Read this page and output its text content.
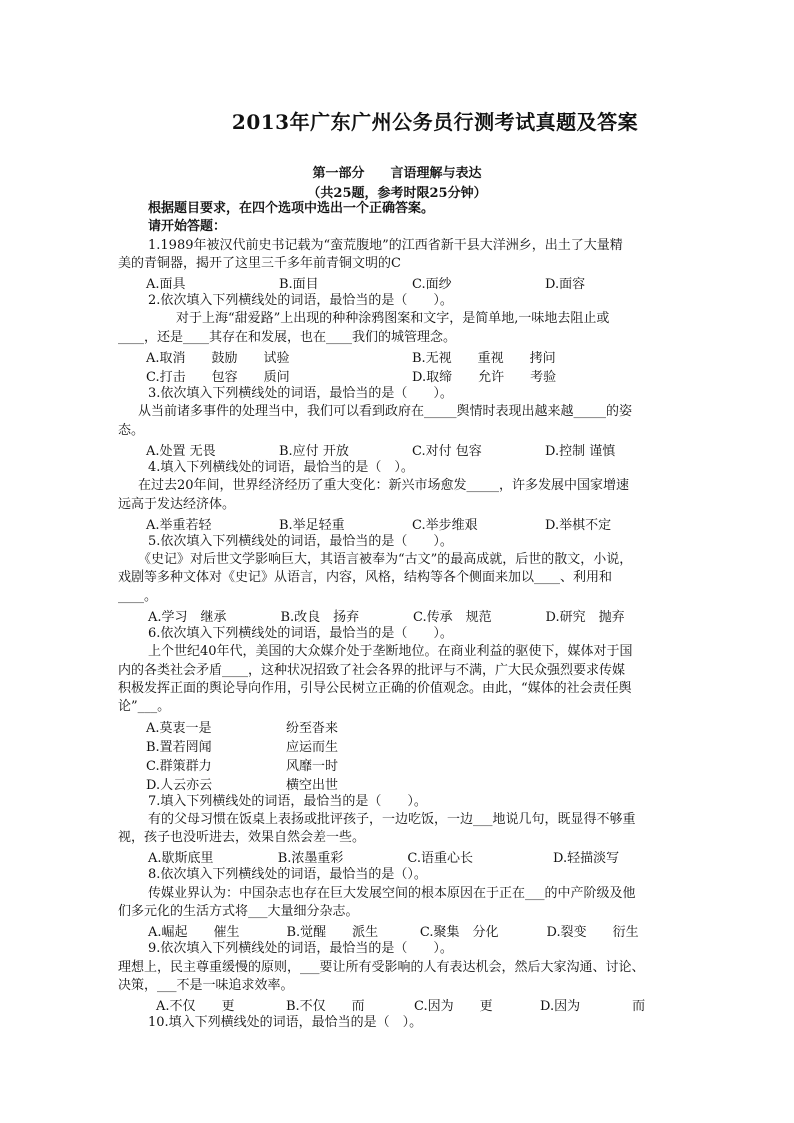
2013年广东广州公务员行测考试真题及答案
第一部分　　言语理解与表达
（共25题，参考时限25分钟）
根据题目要求，在四个选项中选出一个正确答案。
请开始答题：
1.1989年被汉代前史书记载为“蛮荒腹地”的江西省新干县大洋洲乡，出土了大量精
美的青铜器，揭开了这里三千多年前青铜文明的C
A.面具	B.面目	C.面纱	D.面容
2.依次填入下列横线处的词语，最恰当的是（　　）。
对于上海“甜爱路”上出现的种种涂鸦图案和文字，是简单地,一味地去阻止或
____，还是____其存在和发展，也在____我们的城管理念。
A.取消　　鼓励　　试验	B.无视　　重视　　拷问
C.打击　　包容　　质问	D.取缔　　允许　　考验
3.依次填入下列横线处的词语，最恰当的是（　　）。
从当前诸多事件的处理当中，我们可以看到政府在_____舆情时表现出越来越_____的姿
态。
A.处置 无畏	B.应付 开放	C.对付 包容	D.控制 谨慎
4.填入下列横线处的词语，最恰当的是（　）。
在过去20年间，世界经济经历了重大变化：新兴市场愈发_____，许多发展中国家增速
远高于发达经济体。
A.举重若轻	B.举足轻重	C.举步维艰	D.举棋不定
5.依次填入下列横线处的词语，最恰当的是（　　）。
《史记》对后世文学影响巨大，其语言被奉为“古文”的最高成就，后世的散文，小说，
戏剧等多种文体对《史记》从语言，内容，风格，结构等各个侧面来加以____、利用和
____。
A.学习　继承	B.改良　扬弃	C.传承　规范	D.研究　抛弃
6.依次填入下列横线处的词语，最恰当的是（　　）。
上个世纪40年代，美国的大众媒介处于垄断地位。在商业利益的驱使下，媒体对于国
内的各类社会矛盾____，这种状况招致了社会各界的批评与不满，广大民众强烈要求传媒
积极发挥正面的舆论导向作用，引导公民树立正确的价值观念。由此，“媒体的社会责任舆
论”___。
A.莫衷一是	纷至沓来
B.置若罔闻	应运而生
C.群策群力	风靡一时
D.人云亦云	横空出世
7.填入下列横线处的词语，最恰当的是（　　）。
有的父母习惯在饭桌上表扬或批评孩子，一边吃饭，一边___地说几句，既显得不够重
视，孩子也没听进去，效果自然会差一些。
A.歇斯底里	B.浓墨重彩	C.语重心长	D.轻描淡写
8.依次填入下列横线处的词语，最恰当的是（）。
传媒业界认为：中国杂志也存在巨大发展空间的根本原因在于正在___的中产阶级及他
们多元化的生活方式将___大量细分杂志。
A.崛起　　催生	B.觉醒　　派生	C.聚集　分化	D.裂变　　衍生
9.依次填入下列横线处的词语，最恰当的是（　　）。
理想上，民主尊重缓慢的原则，___要让所有受影响的人有表达机会，然后大家沟通、讨论、
决策，___不是一味追求效率。
A.不仅　　更	B.不仅　　而	C.因为　　更	D.因为　　　　而
10.填入下列横线处的词语，最恰当的是（　）。
